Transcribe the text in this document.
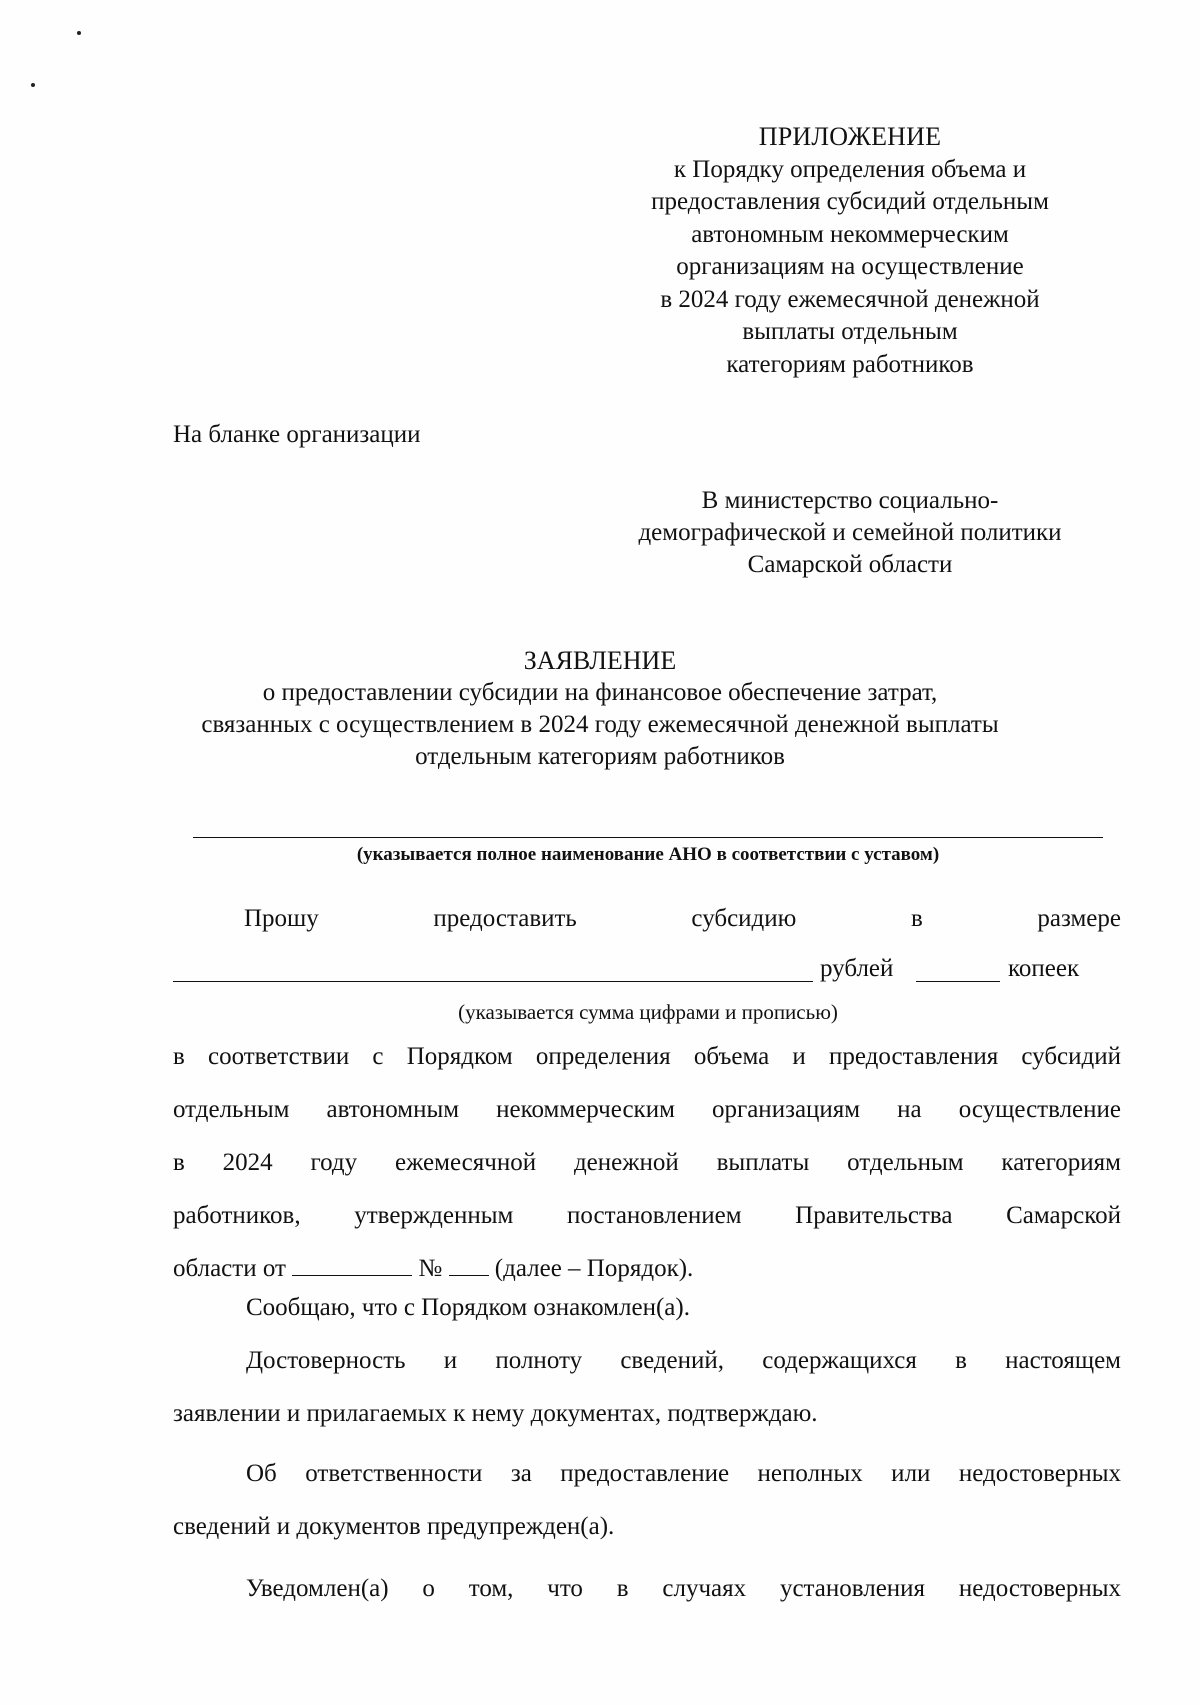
ПРИЛОЖЕНИЕ
к Порядку определения объема и
предоставления субсидий отдельным
автономным некоммерческим
организациям на осуществление
в 2024 году ежемесячной денежной
выплаты отдельным
категориям работников
На бланке организации
В министерство социально-
демографической и семейной политики
Самарской области
ЗАЯВЛЕНИЕ
о предоставлении субсидии на финансовое обеспечение затрат,
связанных с осуществлением в 2024 году ежемесячной денежной выплаты
отдельным категориям работников
(указывается полное наименование АНО в соответствии с уставом)
Прошу	предоставить	субсидию	в	размере
рублей	копеек
(указывается сумма цифрами и прописью)
в соответствии с Порядком определения объема и предоставления субсидий
отдельным автономным некоммерческим организациям на осуществление
в 2024 году ежемесячной денежной выплаты отдельным категориям
работников, утвержденным постановлением Правительства Самарской
области от	№ (далее – Порядок).
Сообщаю, что с Порядком ознакомлен(а).
Достоверность и полноту сведений, содержащихся в настоящем
заявлении и прилагаемых к нему документах, подтверждаю.
Об ответственности за предоставление неполных или недостоверных
сведений и документов предупрежден(а).
Уведомлен(а) о том, что в случаях установления недостоверных
